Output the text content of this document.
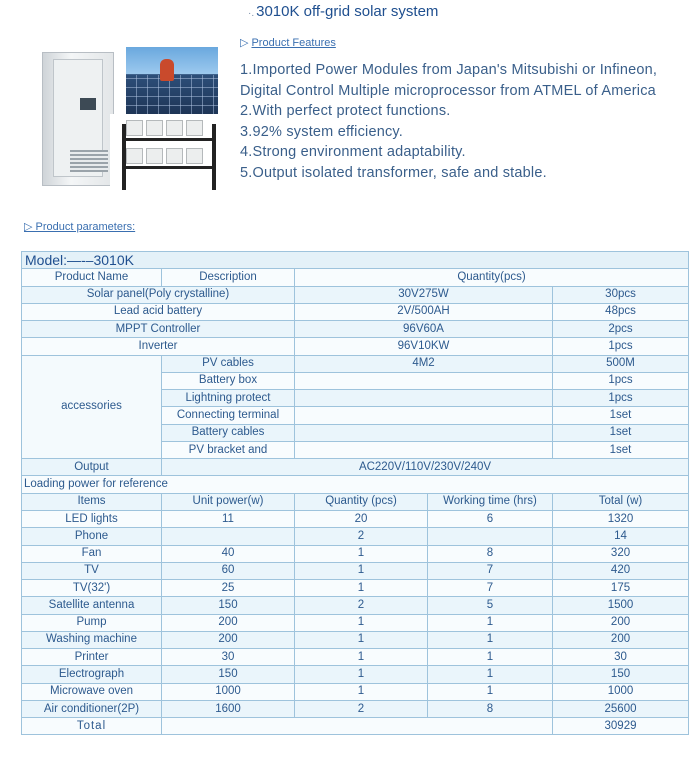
·. 3010K off-grid solar system
▷ Product Features
1.Imported Power Modules from Japan's Mitsubishi or Infineon,
Digital Control Multiple microprocessor from ATMEL of America
2.With perfect protect functions.
3.92% system efficiency.
4.Strong environment adaptability.
5.Output isolated transformer, safe and stable.
▷ Product parameters:
Model:—-–3010K				
Product Name	Description	Quantity(pcs)		
Solar panel(Poly crystalline)		30V275W		30pcs
Lead acid battery		2V/500AH		48pcs
MPPT Controller		96V60A		2pcs
Inverter		96V10KW		1pcs
accessories	PV cables	4M2		500M
	Battery box			1pcs
	Lightning protect			1pcs
	Connecting terminal			1set
	Battery cables			1set
	PV bracket and			1set
Output	AC220V/110V/230V/240V			
Loading power for reference				
Items	Unit power(w)	Quantity (pcs)	Working time (hrs)	Total (w)
LED lights	11	20	6	1320
Phone		2		14
Fan	40	1	8	320
TV	60	1	7	420
TV(32')	25	1	7	175
Satellite antenna	150	2	5	1500
Pump	200	1	1	200
Washing machine	200	1	1	200
Printer	30	1	1	30
Electrograph	150	1	1	150
Microwave oven	1000	1	1	1000
Air conditioner(2P)	1600	2	8	25600
Total				30929
